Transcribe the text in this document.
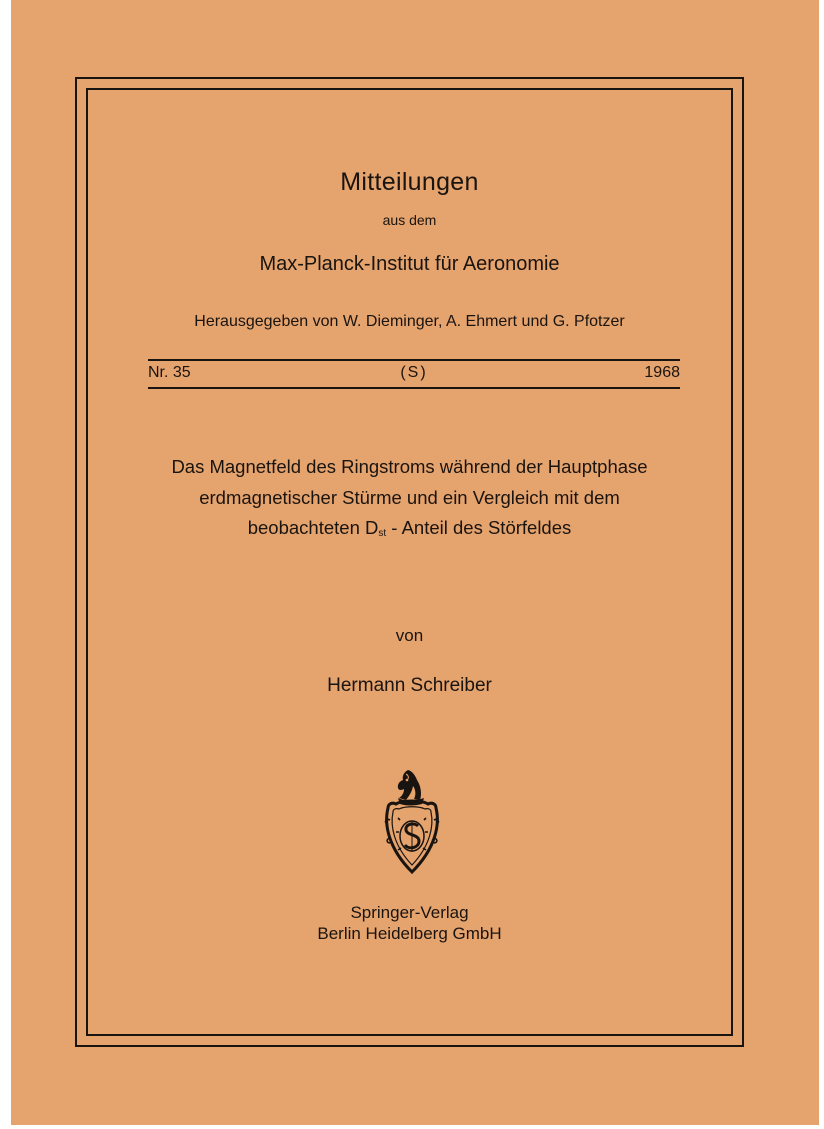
Mitteilungen
aus dem
Max-Planck-Institut für Aeronomie
Herausgegeben von W. Dieminger, A. Ehmert und G. Pfotzer
(S)
Nr. 35	1968
Das Magnetfeld des Ringstroms während der Hauptphase
erdmagnetischer Stürme und ein Vergleich mit dem
beobachteten $D_{st}$ - Anteil des Störfeldes
von
Hermann Schreiber
Springer-Verlag
Berlin Heidelberg GmbH
